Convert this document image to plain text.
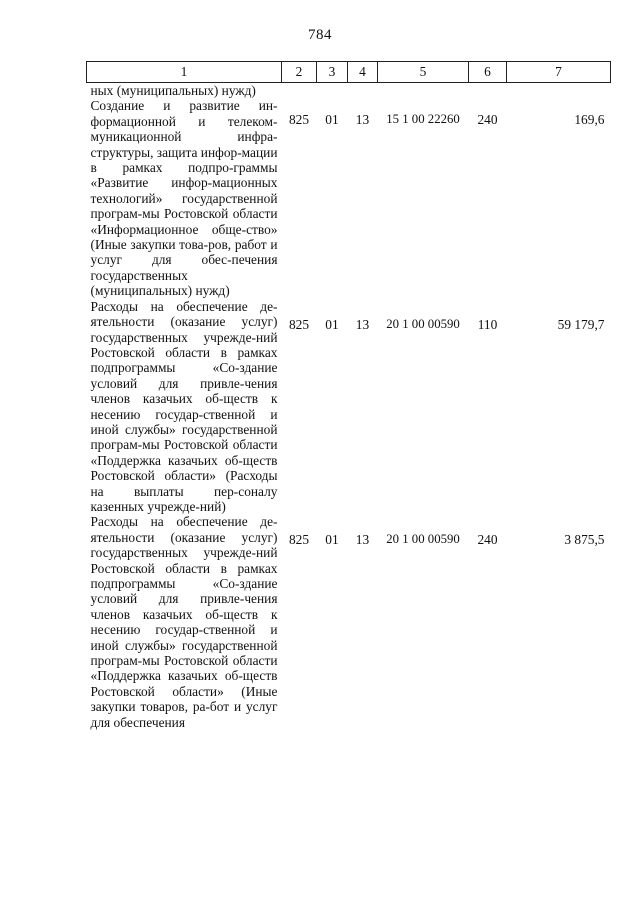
784
1	2	3	4	5	6	7
ных (муниципальных) нужд)						
Создание и развитие ин-формационной и телеком-муникационной инфра-структуры, защита инфор-мации в рамках подпро-граммы «Развитие инфор-мационных технологий» государственной програм-мы Ростовской области «Информационное обще-ство» (Иные закупки това-ров, работ и услуг для обес-печения государственных (муниципальных) нужд)	825	01	13	15 1 00 22260	240	169,6
Расходы на обеспечение де-ятельности (оказание услуг) государственных учрежде-ний Ростовской области в рамках подпрограммы «Со-здание условий для привле-чения членов казачьих об-ществ к несению государ-ственной и иной службы» государственной програм-мы Ростовской области «Поддержка казачьих об-ществ Ростовской области» (Расходы на выплаты пер-соналу казенных учрежде-ний)	825	01	13	20 1 00 00590	110	59 179,7
Расходы на обеспечение де-ятельности (оказание услуг) государственных учрежде-ний Ростовской области в рамках подпрограммы «Со-здание условий для привле-чения членов казачьих об-ществ к несению государ-ственной и иной службы» государственной програм-мы Ростовской области «Поддержка казачьих об-ществ Ростовской области» (Иные закупки товаров, ра-бот и услуг для обеспечения	825	01	13	20 1 00 00590	240	3 875,5
